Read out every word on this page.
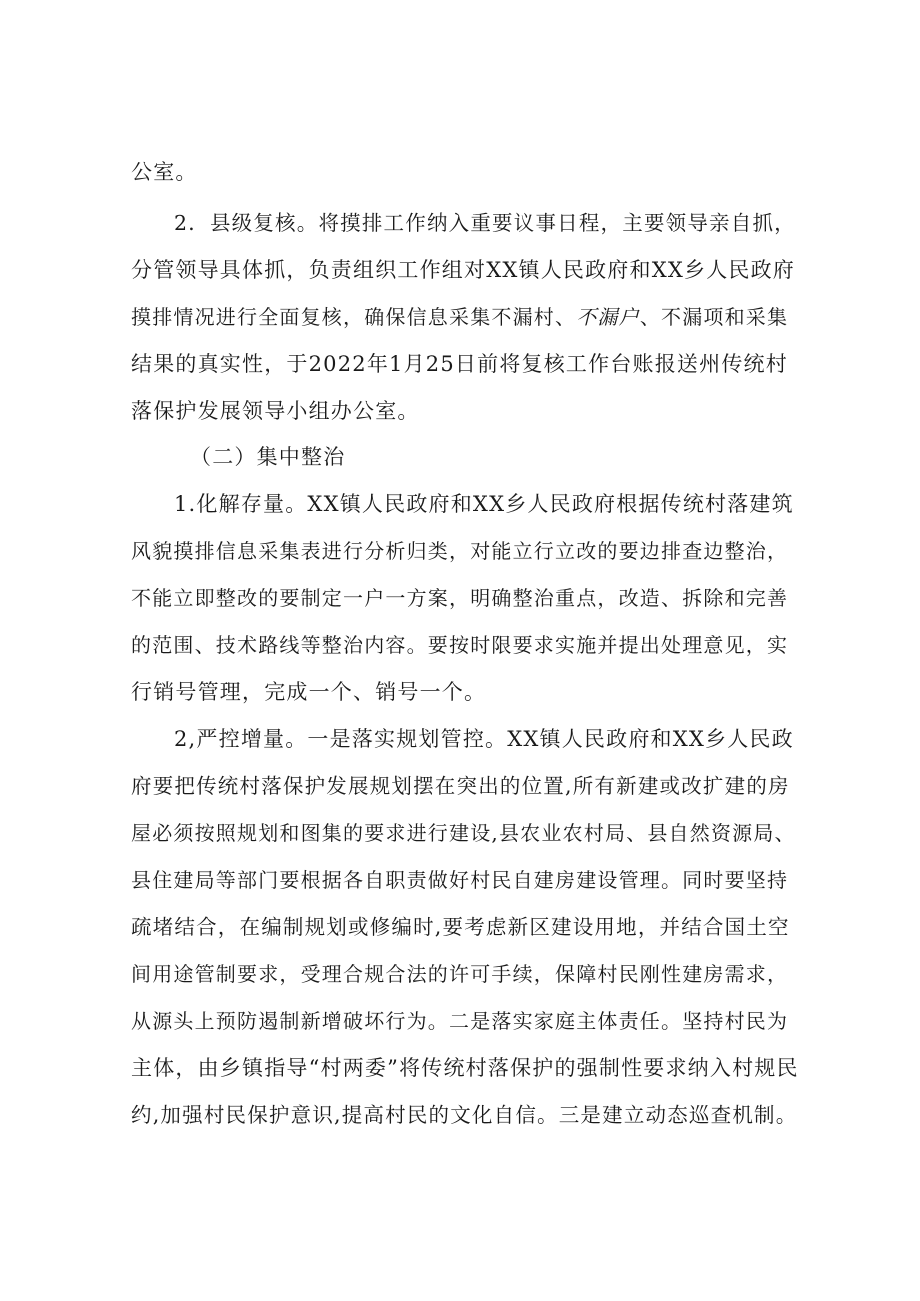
公室。
2．县级复核。将摸排工作纳入重要议事日程，主要领导亲自抓，
分管领导具体抓，负责组织工作组对XX镇人民政府和XX乡人民政府
摸排情况进行全面复核，确保信息采集不漏村、不漏户、不漏项和采集
结果的真实性，于2022年1月25日前将复核工作台账报送州传统村
落保护发展领导小组办公室。
（二）集中整治
1.化解存量。XX镇人民政府和XX乡人民政府根据传统村落建筑
风貌摸排信息采集表进行分析归类，对能立行立改的要边排查边整治，
不能立即整改的要制定一户一方案，明确整治重点，改造、拆除和完善
的范围、技术路线等整治内容。要按时限要求实施并提出处理意见，实
行销号管理，完成一个、销号一个。
2,严控增量。一是落实规划管控。XX镇人民政府和XX乡人民政
府要把传统村落保护发展规划摆在突出的位置,所有新建或改扩建的房
屋必须按照规划和图集的要求进行建设,县农业农村局、县自然资源局、
县住建局等部门要根据各自职责做好村民自建房建设管理。同时要坚持
疏堵结合，在编制规划或修编时,要考虑新区建设用地，并结合国土空
间用途管制要求，受理合规合法的许可手续，保障村民刚性建房需求，
从源头上预防遏制新增破坏行为。二是落实家庭主体责任。坚持村民为
主体，由乡镇指导“村两委”将传统村落保护的强制性要求纳入村规民
约,加强村民保护意识,提高村民的文化自信。三是建立动态巡查机制。
